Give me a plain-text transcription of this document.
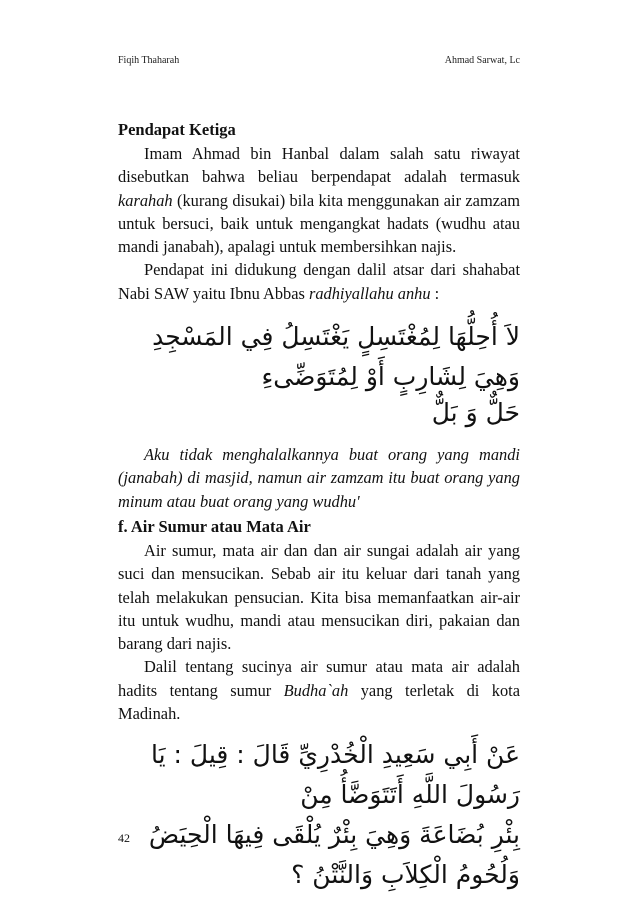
Fiqih Thaharah	Ahmad Sarwat, Lc
Pendapat Ketiga

Imam Ahmad bin Hanbal dalam salah satu riwayat disebutkan bahwa beliau berpendapat adalah termasuk karahah (kurang disukai) bila kita menggunakan air zamzam untuk bersuci, baik untuk mengangkat hadats (wudhu atau mandi janabah), apalagi untuk membersihkan najis.

Pendapat ini didukung dengan dalil atsar dari shahabat Nabi SAW yaitu Ibnu Abbas radhiyallahu anhu :

لاَ أُحِلُّهَا لِمُغْتَسِلٍ يَغْتَسِلُ فِي المَسْجِدِ وَهِيَ لِشَارِبٍ أَوْ لِمُتَوَضِّىءِ

حَلٌّ وَ بَلٌّ

Aku tidak menghalalkannya buat orang yang mandi (janabah) di masjid, namun air zamzam itu buat orang yang minum atau buat orang yang wudhu'

f. Air Sumur atau Mata Air

Air sumur, mata air dan dan air sungai adalah air yang suci dan mensucikan. Sebab air itu keluar dari tanah yang telah melakukan pensucian. Kita bisa memanfaatkan air-air itu untuk wudhu, mandi atau mensucikan diri, pakaian dan barang dari najis.

Dalil tentang sucinya air sumur atau mata air adalah hadits tentang sumur Budha`ah yang terletak di kota Madinah.

عَنْ أَبِي سَعِيدِ الْخُدْرِيِّ قَالَ : قِيلَ : يَا رَسُولَ اللَّهِ أَتَتَوَضَّأُ مِنْ

بِئْرِ بُضَاعَةَ وَهِيَ بِئْرٌ يُلْقَى فِيهَا الْحِيَضُ وَلُحُومُ الْكِلاَبِ وَالنَّتْنُ ؟

42
